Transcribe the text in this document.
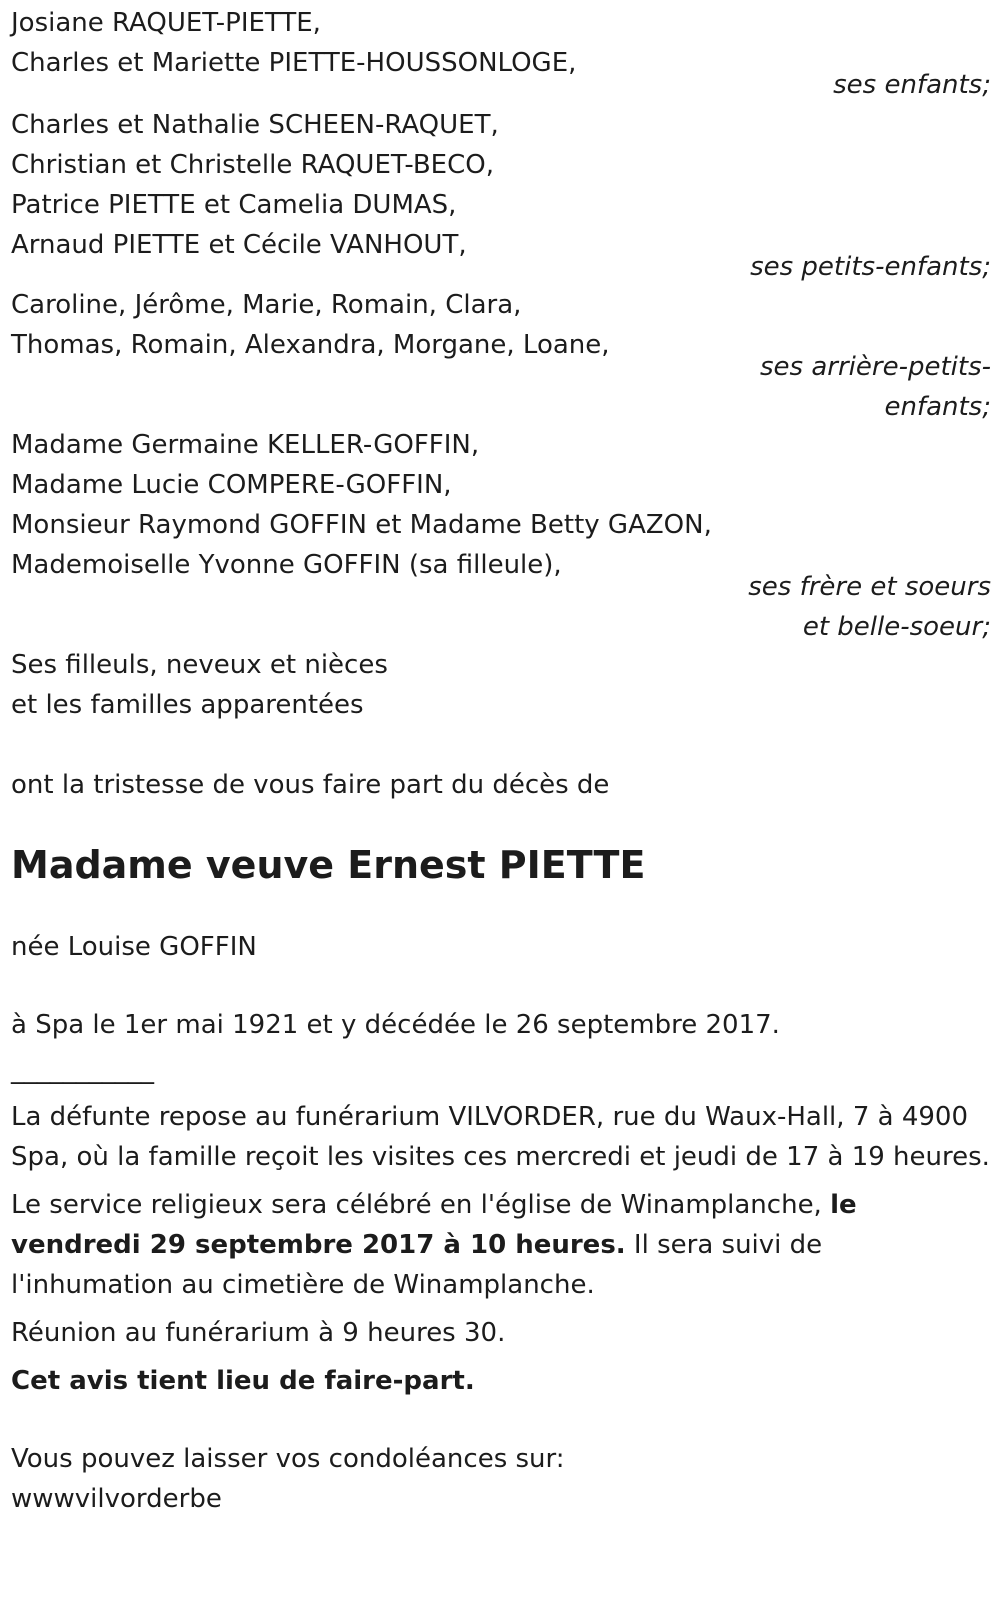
Josiane RAQUET-PIETTE,
Charles et Mariette PIETTE-HOUSSONLOGE,
ses enfants;
Charles et Nathalie SCHEEN-RAQUET,
Christian et Christelle RAQUET-BECO,
Patrice PIETTE et Camelia DUMAS,
Arnaud PIETTE et Cécile VANHOUT,
ses petits-enfants;
Caroline, Jérôme, Marie, Romain, Clara,
Thomas, Romain, Alexandra, Morgane, Loane,
ses arrière-petits-
enfants;
Madame Germaine KELLER-GOFFIN,
Madame Lucie COMPERE-GOFFIN,
Monsieur Raymond GOFFIN et Madame Betty GAZON,
Mademoiselle Yvonne GOFFIN (sa filleule),
ses frère et soeurs
et belle-soeur;
Ses filleuls, neveux et nièces
et les familles apparentées
ont la tristesse de vous faire part du décès de
Madame veuve Ernest PIETTE
née Louise GOFFIN
à Spa le 1er mai 1921 et y décédée le 26 septembre 2017.
___________
La défunte repose au funérarium VILVORDER, rue du Waux-Hall, 7 à 4900 Spa, où la famille reçoit les visites ces mercredi et jeudi de 17 à 19 heures.
Le service religieux sera célébré en l'église de Winamplanche, le vendredi 29 septembre 2017 à 10 heures. Il sera suivi de l'inhumation au cimetière de Winamplanche.
Réunion au funérarium à 9 heures 30.
Cet avis tient lieu de faire-part.
Vous pouvez laisser vos condoléances sur:
wwwvilvorderbe
